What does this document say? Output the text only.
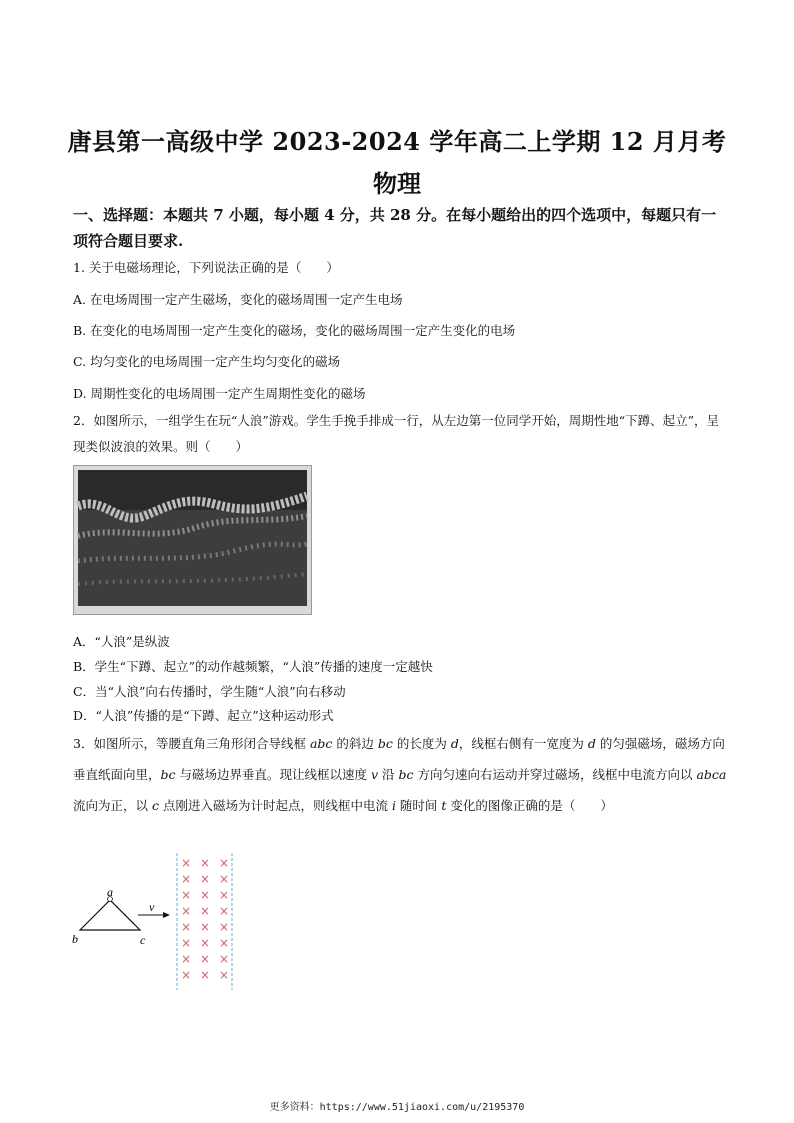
唐县第一高级中学 2023-2024 学年高二上学期 12 月月考
物理
一、选择题：本题共 7 小题，每小题 4 分，共 28 分。在每小题给出的四个选项中，每题只有一项符合题目要求.
1. 关于电磁场理论，下列说法正确的是（　　）
A. 在电场周围一定产生磁场，变化的磁场周围一定产生电场
B. 在变化的电场周围一定产生变化的磁场，变化的磁场周围一定产生变化的电场
C. 均匀变化的电场周围一定产生均匀变化的磁场
D. 周期性变化的电场周围一定产生周期性变化的磁场
2．如图所示，一组学生在玩“人浪”游戏。学生手挽手排成一行，从左边第一位同学开始，周期性地“下蹲、起立”，呈现类似波浪的效果。则（　　）
A．“人浪”是纵波
B．学生“下蹲、起立”的动作越频繁，“人浪”传播的速度一定越快
C．当“人浪”向右传播时，学生随“人浪”向右移动
D．“人浪”传播的是“下蹲、起立”这种运动形式
3．如图所示，等腰直角三角形闭合导线框 abc 的斜边 bc 的长度为 d，线框右侧有一宽度为 d 的匀强磁场，磁场方向垂直纸面向里，bc 与磁场边界垂直。现让线框以速度 v 沿 bc 方向匀速向右运动并穿过磁场，线框中电流方向以 abca 流向为正，以 c 点刚进入磁场为计时起点，则线框中电流 i 随时间 t 变化的图像正确的是（　　）
a
b	c
v
× × ×
× × ×
× × ×
× × ×
× × ×
× × ×
× × ×
× × ×
更多资料：https://www.51jiaoxi.com/u/2195370
